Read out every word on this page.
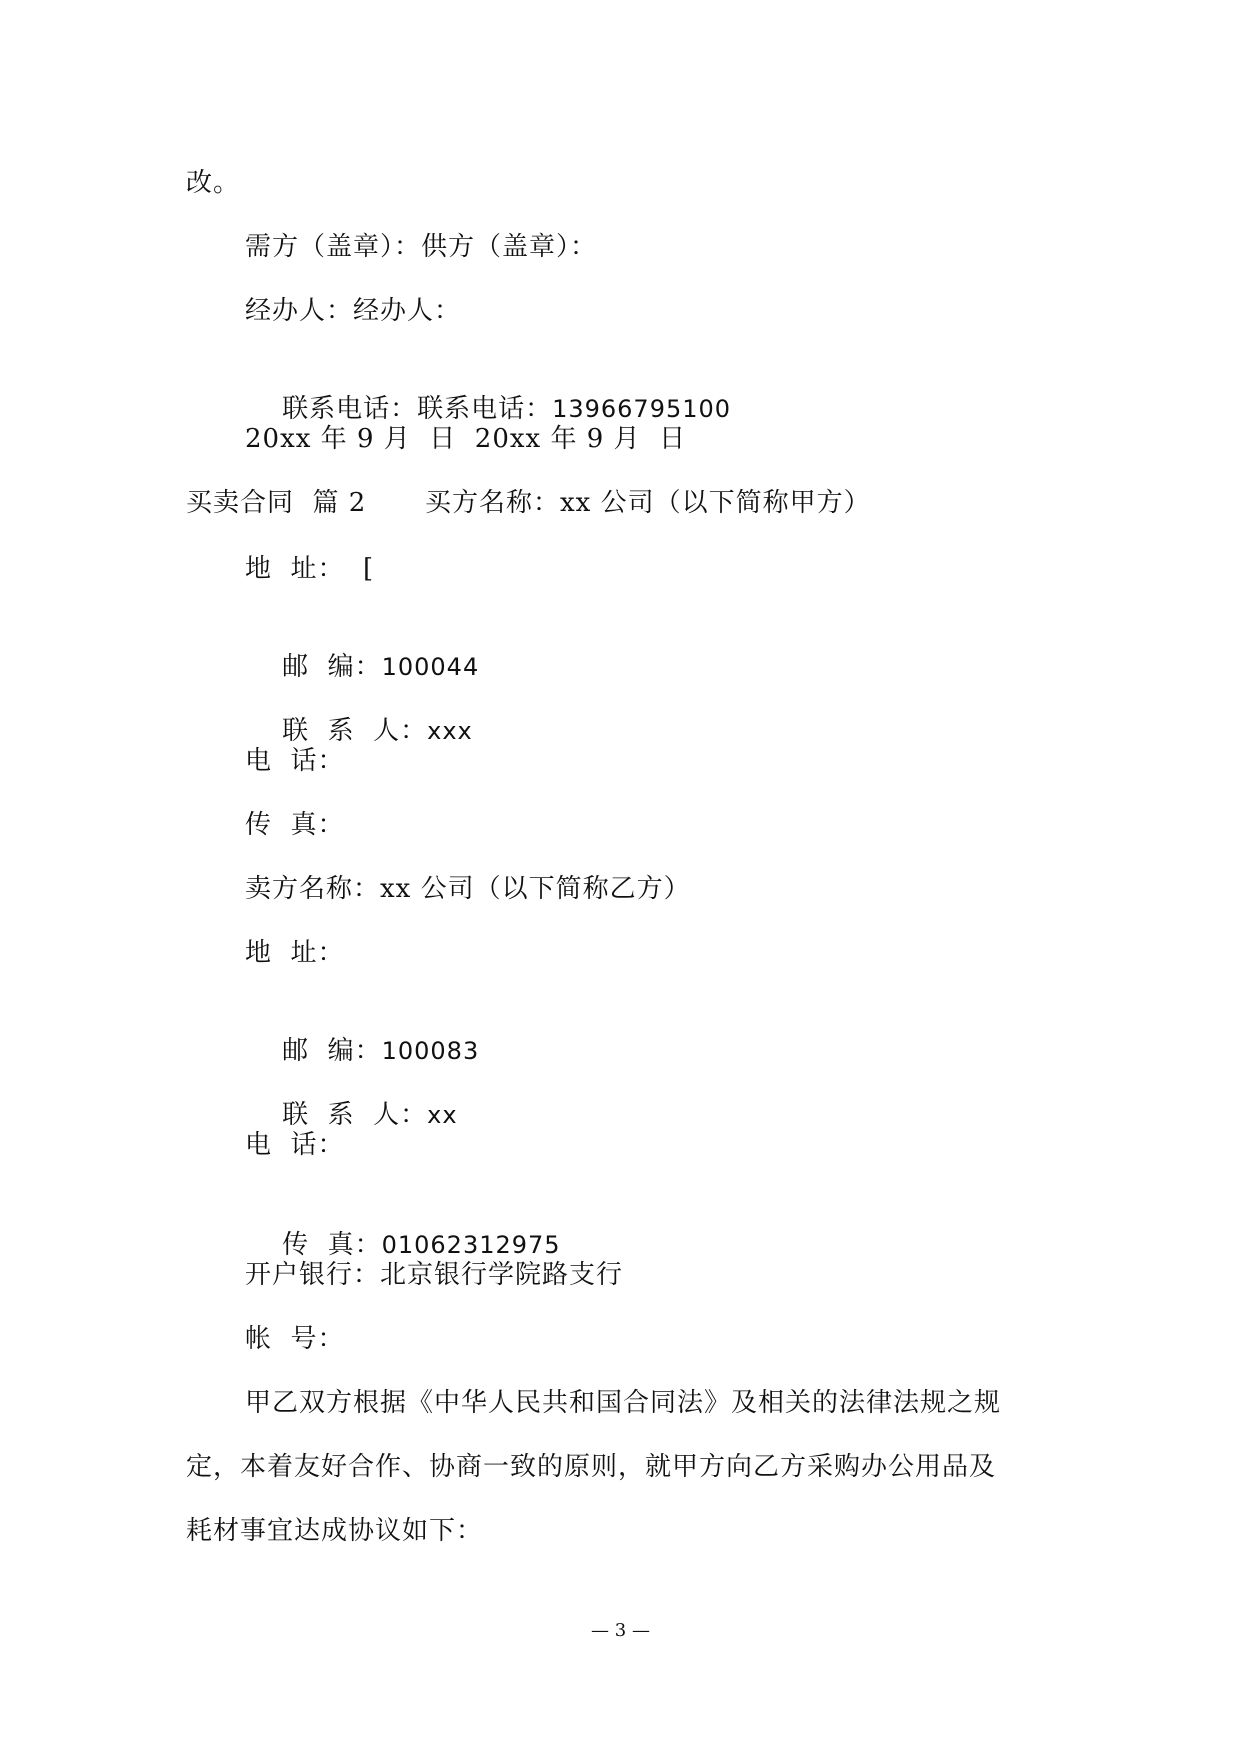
改。
需方（盖章）：供方（盖章）：
经办人：经办人：

联系电话：联系电话：13966795100

20xx 年 9 月  日  20xx 年 9 月  日
买卖合同  篇 2 买方名称：xx 公司（以下简称甲方）
地  址：  [

邮  编：100044

联  系  人：xxx

电  话：
传  真：
卖方名称：xx 公司（以下简称乙方）
地  址：

邮  编：100083

联  系  人：xx

电  话：

传  真：01062312975

开户银行：北京银行学院路支行
帐  号：
甲乙双方根据《中华人民共和国合同法》及相关的法律法规之规
定，本着友好合作、协商一致的原则，就甲方向乙方采购办公用品及
耗材事宜达成协议如下：
— 3 —
